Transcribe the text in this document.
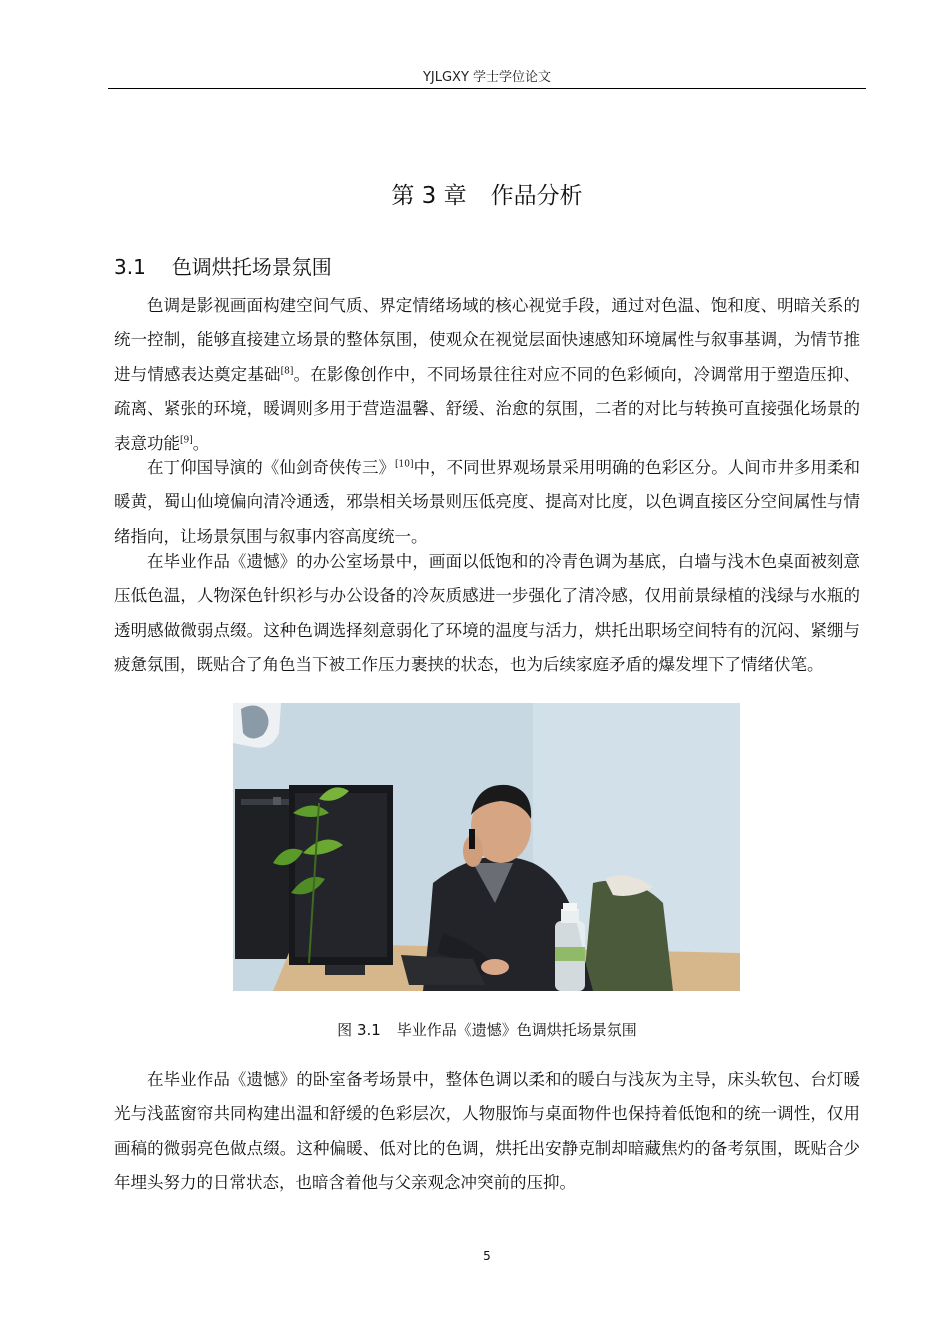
YJLGXY 学士学位论文
第 3 章 作品分析
3.1 色调烘托场景氛围

色调是影视画面构建空间气质、界定情绪场域的核心视觉手段，通过对色温、饱和度、明暗关系的统一控制，能够直接建立场景的整体氛围，使观众在视觉层面快速感知环境属性与叙事基调，为情节推进与情感表达奠定基础[8]。在影像创作中，不同场景往往对应不同的色彩倾向，冷调常用于塑造压抑、疏离、紧张的环境，暖调则多用于营造温馨、舒缓、治愈的氛围，二者的对比与转换可直接强化场景的表意功能[9]。

在丁仰国导演的《仙剑奇侠传三》[10]中，不同世界观场景采用明确的色彩区分。人间市井多用柔和暖黄，蜀山仙境偏向清冷通透，邪祟相关场景则压低亮度、提高对比度，以色调直接区分空间属性与情绪指向，让场景氛围与叙事内容高度统一。

在毕业作品《遗憾》的办公室场景中，画面以低饱和的冷青色调为基底，白墙与浅木色桌面被刻意压低色温，人物深色针织衫与办公设备的冷灰质感进一步强化了清冷感，仅用前景绿植的浅绿与水瓶的透明感做微弱点缀。这种色调选择刻意弱化了环境的温度与活力，烘托出职场空间特有的沉闷、紧绷与疲惫氛围，既贴合了角色当下被工作压力裹挟的状态，也为后续家庭矛盾的爆发埋下了情绪伏笔。

图 3.1 毕业作品《遗憾》色调烘托场景氛围

在毕业作品《遗憾》的卧室备考场景中，整体色调以柔和的暖白与浅灰为主导，床头软包、台灯暖光与浅蓝窗帘共同构建出温和舒缓的色彩层次，人物服饰与桌面物件也保持着低饱和的统一调性，仅用画稿的微弱亮色做点缀。这种偏暖、低对比的色调，烘托出安静克制却暗藏焦灼的备考氛围，既贴合少年埋头努力的日常状态，也暗含着他与父亲观念冲突前的压抑。

5
